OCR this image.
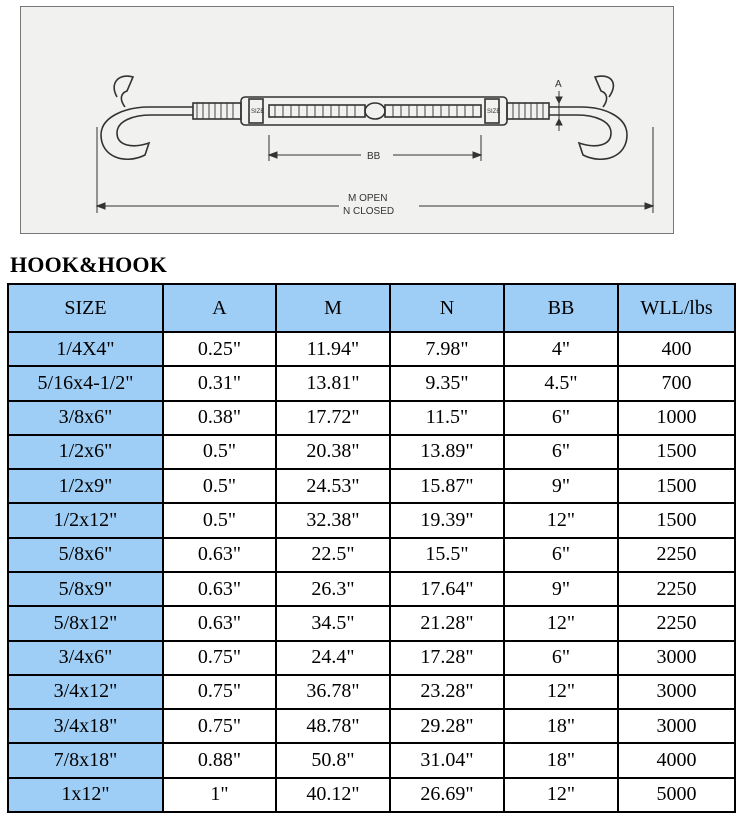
SIZE	SIZE
A
BB
M OPEN
N CLOSED
HOOK&HOOK
SIZE	A	M	N	BB	WLL/lbs
1/4X4"	0.25"	11.94"	7.98"	4"	400
5/16x4-1/2"	0.31"	13.81"	9.35"	4.5"	700
3/8x6"	0.38"	17.72"	11.5"	6"	1000
1/2x6"	0.5"	20.38"	13.89"	6"	1500
1/2x9"	0.5"	24.53"	15.87"	9"	1500
1/2x12"	0.5"	32.38"	19.39"	12"	1500
5/8x6"	0.63"	22.5"	15.5"	6"	2250
5/8x9"	0.63"	26.3"	17.64"	9"	2250
5/8x12"	0.63"	34.5"	21.28"	12"	2250
3/4x6"	0.75"	24.4"	17.28"	6"	3000
3/4x12"	0.75"	36.78"	23.28"	12"	3000
3/4x18"	0.75"	48.78"	29.28"	18"	3000
7/8x18"	0.88"	50.8"	31.04"	18"	4000
1x12"	1"	40.12"	26.69"	12"	5000
